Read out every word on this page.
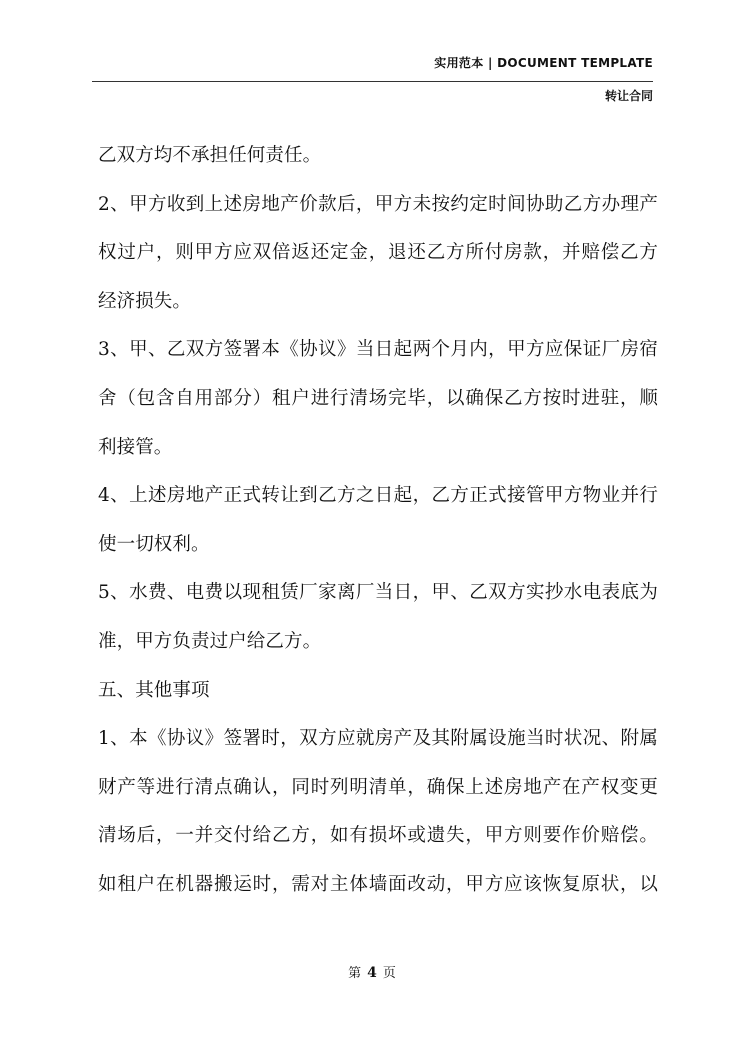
实用范本 | DOCUMENT TEMPLATE
转让合同
乙双方均不承担任何责任。
2、甲方收到上述房地产价款后，甲方未按约定时间协助乙方办理产
权过户，则甲方应双倍返还定金，退还乙方所付房款，并赔偿乙方
经济损失。
3、甲、乙双方签署本《协议》当日起两个月内，甲方应保证厂房宿
舍（包含自用部分）租户进行清场完毕，以确保乙方按时进驻，顺
利接管。
4、上述房地产正式转让到乙方之日起，乙方正式接管甲方物业并行
使一切权利。
5、水费、电费以现租赁厂家离厂当日，甲、乙双方实抄水电表底为
准，甲方负责过户给乙方。
五、其他事项
1、本《协议》签署时，双方应就房产及其附属设施当时状况、附属
财产等进行清点确认，同时列明清单，确保上述房地产在产权变更
清场后，一并交付给乙方，如有损坏或遗失，甲方则要作价赔偿。
如租户在机器搬运时，需对主体墙面改动，甲方应该恢复原状，以
第 4 页
